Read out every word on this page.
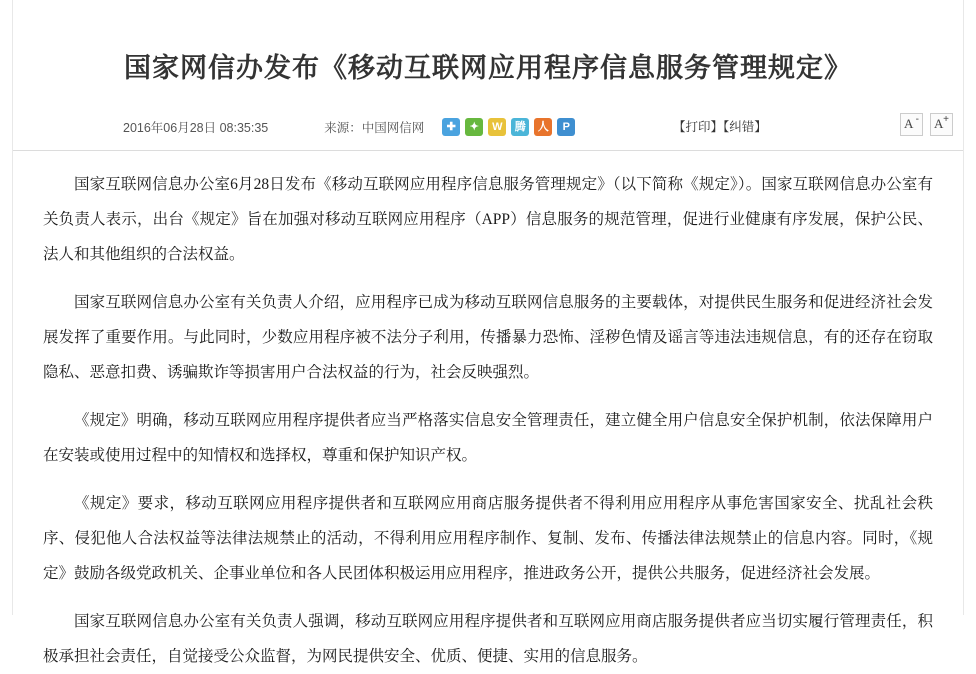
国家网信办发布《移动互联网应用程序信息服务管理规定》
2016年06月28日 08:35:35	来源：中国网信网	✚	✦	W	腾	人	P	【打印】【纠错】	A - A +

国家互联网信息办公室6月28日发布《移动互联网应用程序信息服务管理规定》（以下简称《规定》）。国家互联网信息办公室有关负责人表示，出台《规定》旨在加强对移动互联网应用程序（APP）信息服务的规范管理，促进行业健康有序发展，保护公民、法人和其他组织的合法权益。

国家互联网信息办公室有关负责人介绍，应用程序已成为移动互联网信息服务的主要载体，对提供民生服务和促进经济社会发展发挥了重要作用。与此同时，少数应用程序被不法分子利用，传播暴力恐怖、淫秽色情及谣言等违法违规信息，有的还存在窃取隐私、恶意扣费、诱骗欺诈等损害用户合法权益的行为，社会反映强烈。

《规定》明确，移动互联网应用程序提供者应当严格落实信息安全管理责任，建立健全用户信息安全保护机制，依法保障用户在安装或使用过程中的知情权和选择权，尊重和保护知识产权。

《规定》要求，移动互联网应用程序提供者和互联网应用商店服务提供者不得利用应用程序从事危害国家安全、扰乱社会秩序、侵犯他人合法权益等法律法规禁止的活动，不得利用应用程序制作、复制、发布、传播法律法规禁止的信息内容。同时，《规定》鼓励各级党政机关、企事业单位和各人民团体积极运用应用程序，推进政务公开，提供公共服务，促进经济社会发展。

国家互联网信息办公室有关负责人强调，移动互联网应用程序提供者和互联网应用商店服务提供者应当切实履行管理责任，积极承担社会责任，自觉接受公众监督，为网民提供安全、优质、便捷、实用的信息服务。
